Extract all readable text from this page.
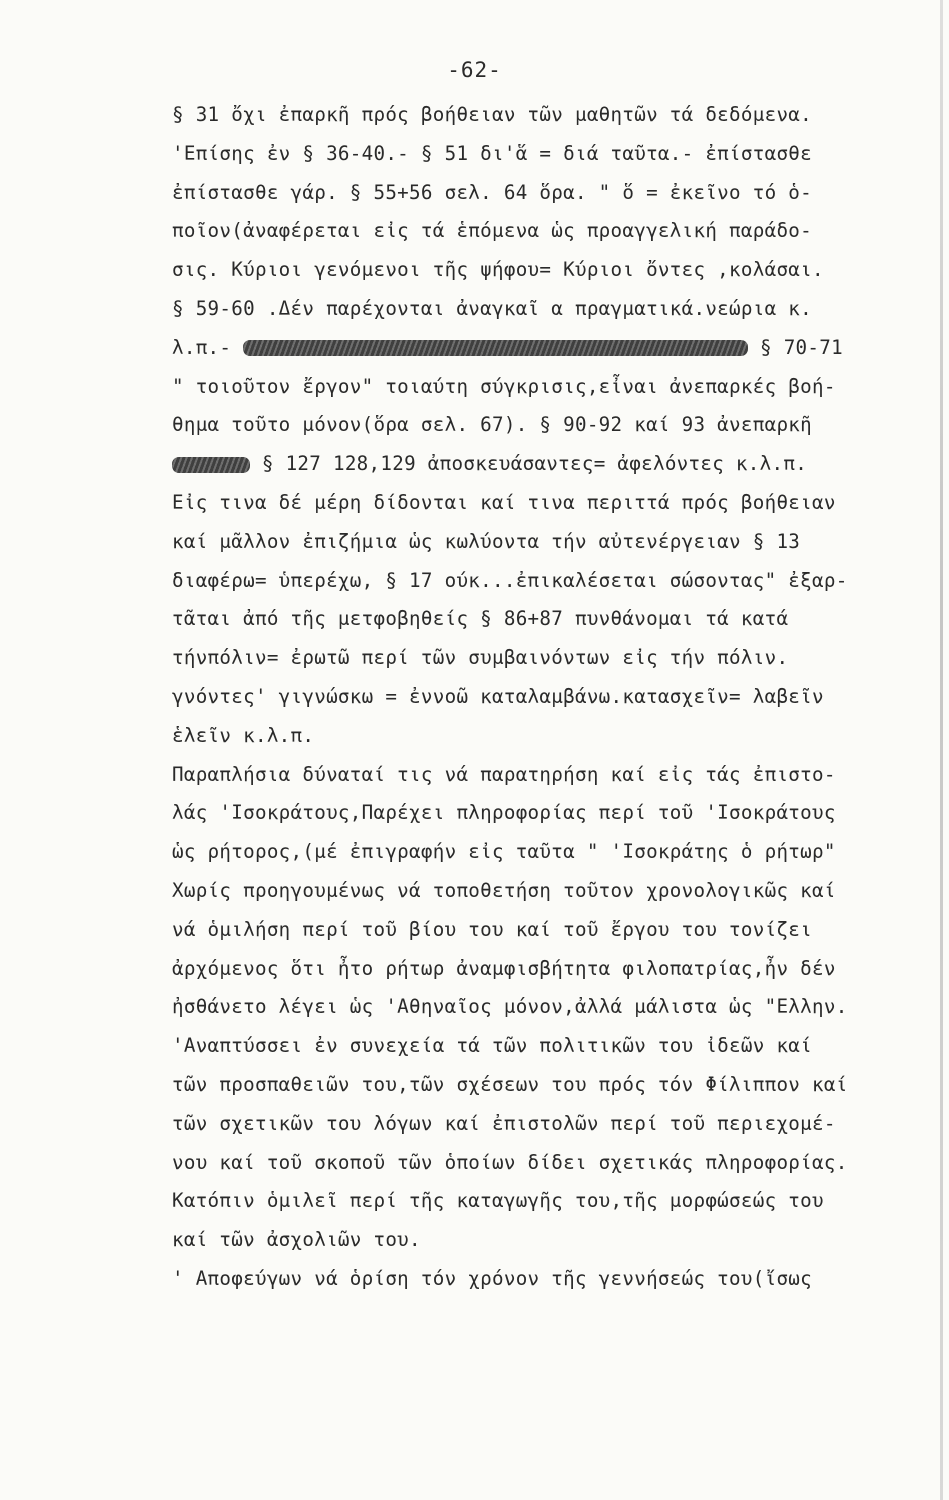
-62-
§ 31 ὄχι ἐπαρκῆ πρός βοήθειαν τῶν μαθητῶν τά δεδόμενα.
'Επίσης ἐν § 36-40.- § 51 δι'ἅ = διά ταῦτα.- ἐπίστασθε
ἐπίστασθε γάρ. § 55+56 σελ. 64 ὅρα. " ὅ = ἐκεῖνο τό ὁ-
ποῖον(ἀναφέρεται εἰς τά ἑπόμενα ὡς προαγγελική παράδο-
σις. Κύριοι γενόμενοι τῆς ψήφου= Κύριοι ὄντες ,κολάσαι.
§ 59-60 .Δέν παρέχονται ἀναγκαῖ α πραγματικά.νεώρια κ.
λ.π.-	§ 70-71
" τοιοῦτον ἔργον" τοιαύτη σύγκρισις,εἶναι ἀνεπαρκές βοή-
θημα τοῦτο μόνον(ὅρα σελ. 67). § 90-92 καί 93 ἀνεπαρκῆ
§ 127 128,129 ἀποσκευάσαντες= ἀφελόντες κ.λ.π.
Εἰς τινα δέ μέρη δίδονται καί τινα περιττά πρός βοήθειαν
καί μᾶλλον ἐπιζήμια ὡς κωλύοντα τήν αὐτενέργειαν § 13
διαφέρω= ὑπερέχω, § 17 ούκ...ἐπικαλέσεται σώσοντας" ἐξαρ-
τᾶται ἀπό τῆς μετφοβηθείς § 86+87 πυνθάνομαι τά κατά
τήνπόλιν= ἐρωτῶ περί τῶν συμβαινόντων εἰς τήν πόλιν.
γνόντες' γιγνώσκω = ἐννοῶ καταλαμβάνω.κατασχεῖν= λαβεῖν
ἑλεῖν κ.λ.π.
Παραπλήσια δύναταί τις νά παρατηρήση καί εἰς τάς ἐπιστο-
λάς 'Ισοκράτους,Παρέχει πληροφορίας περί τοῦ 'Ισοκράτους
ὡς ρήτορος,(μέ ἐπιγραφήν εἰς ταῦτα " 'Ισοκράτης ὁ ρήτωρ"
Χωρίς προηγουμένως νά τοποθετήση τοῦτον χρονολογικῶς καί
νά ὁμιλήση περί τοῦ βίου του καί τοῦ ἔργου του τονίζει
ἀρχόμενος ὅτι ἦτο ρήτωρ ἀναμφισβήτητα φιλοπατρίας,ἦν δέν
ἠσθάνετο λέγει ὡς 'Αθηναῖος μόνον,ἀλλά μάλιστα ὡς "Ελλην.
'Αναπτύσσει ἐν συνεχεία τά τῶν πολιτικῶν του ἰδεῶν καί
τῶν προσπαθειῶν του,τῶν σχέσεων του πρός τόν Φίλιππον καί
τῶν σχετικῶν του λόγων καί ἐπιστολῶν περί τοῦ περιεχομέ-
νου καί τοῦ σκοποῦ τῶν ὁποίων δίδει σχετικάς πληροφορίας.
Κατόπιν ὁμιλεῖ περί τῆς καταγωγῆς του,τῆς μορφώσεώς του
καί τῶν ἀσχολιῶν του.
' Αποφεύγων νά ὁρίση τόν χρόνον τῆς γεννήσεώς του(ἴσως
